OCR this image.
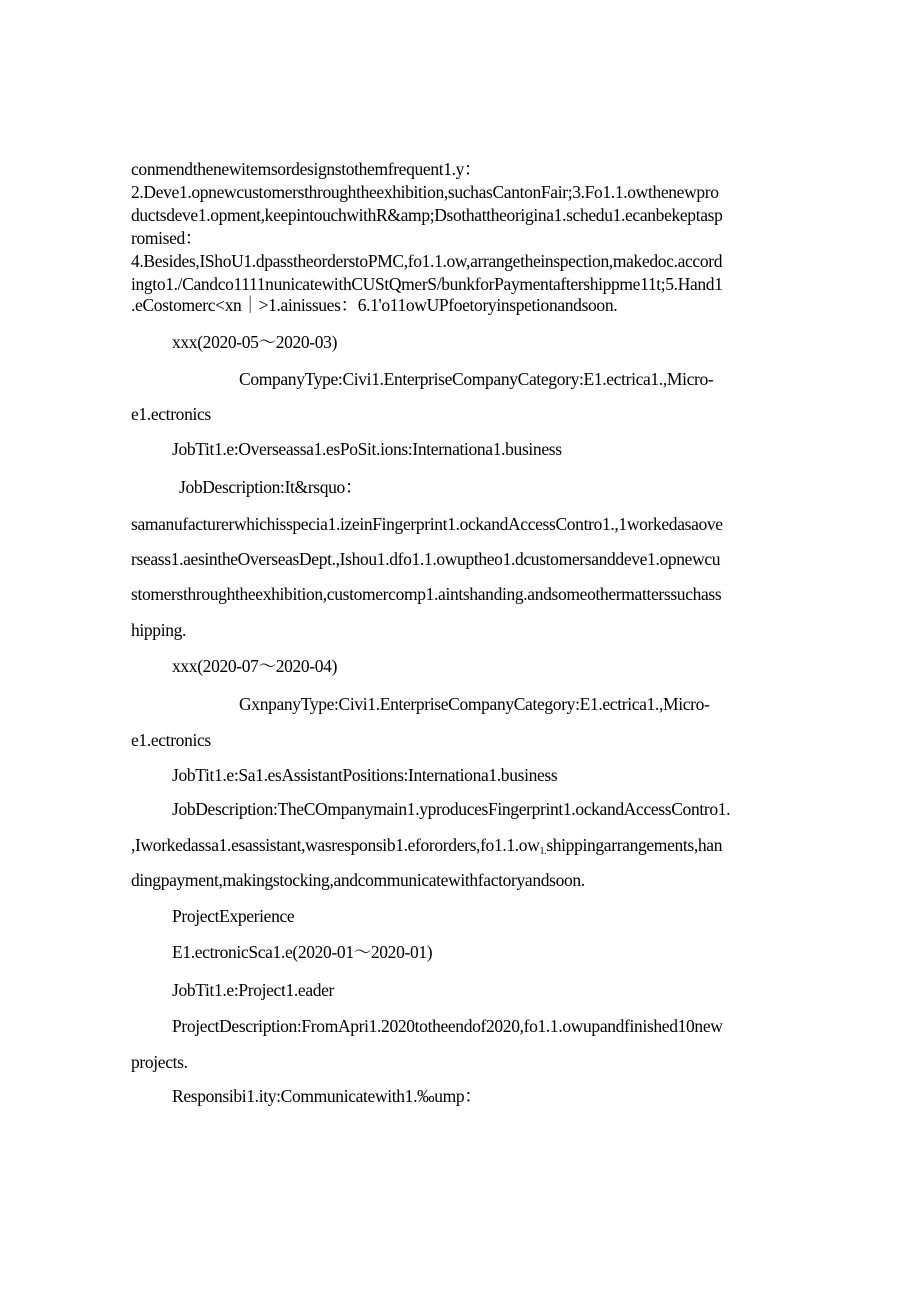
conmendthenewitemsordesignstothemfrequent1.y：
2.Deve1.opnewcustomersthroughtheexhibition,suchasCantonFair;3.Fo1.1.owthenewpro
ductsdeve1.opment,keepintouchwithR&amp;Dsothattheorigina1.schedu1.ecanbekeptasp
romised：
4.Besides,IShoU1.dpasstheorderstoPMC,fo1.1.ow,arrangetheinspection,makedoc.accord
ingto1./Candco1111nunicatewithCUStQmerS/bunkforPaymentaftershippme11t;5.Hand1
.eCostomerc<xn｜>1.ainissues：6.1'o11owUPfoetoryinspetionandsoon.
xxx(2020-05～2020-03)
CompanyType:Civi1.EnterpriseCompanyCategory:E1.ectrica1.,Micro-
e1.ectronics
JobTit1.e:Overseassa1.esPoSit.ions:Internationa1.business
JobDescription:It&rsquo：
samanufacturerwhichisspecia1.izeinFingerprint1.ockandAccessContro1.,1workedasaove
rseass1.aesintheOverseasDept.,Ishou1.dfo1.1.owuptheo1.dcustomersanddeve1.opnewcu
stomersthroughtheexhibition,customercomp1.aintshanding.andsomeothermatterssuchass
hipping.
xxx(2020-07～2020-04)
GxnpanyType:Civi1.EnterpriseCompanyCategory:E1.ectrica1.,Micro-
e1.ectronics
JobTit1.e:Sa1.esAssistantPositions:Internationa1.business
JobDescription:TheCOmpanymain1.yproducesFingerprint1.ockandAccessContro1.
,Iworkedassa1.esassistant,wasresponsib1.efororders,fo1.1.ow1.shippingarrangements,han
dingpayment,makingstocking,andcommunicatewithfactoryandsoon.
ProjectExperience
E1.ectronicSca1.e(2020-01～2020-01)
JobTit1.e:Project1.eader
ProjectDescription:FromApri1.2020totheendof2020,fo1.1.owupandfinished10new
projects.
Responsibi1.ity:Communicatewith1.‰ump：
